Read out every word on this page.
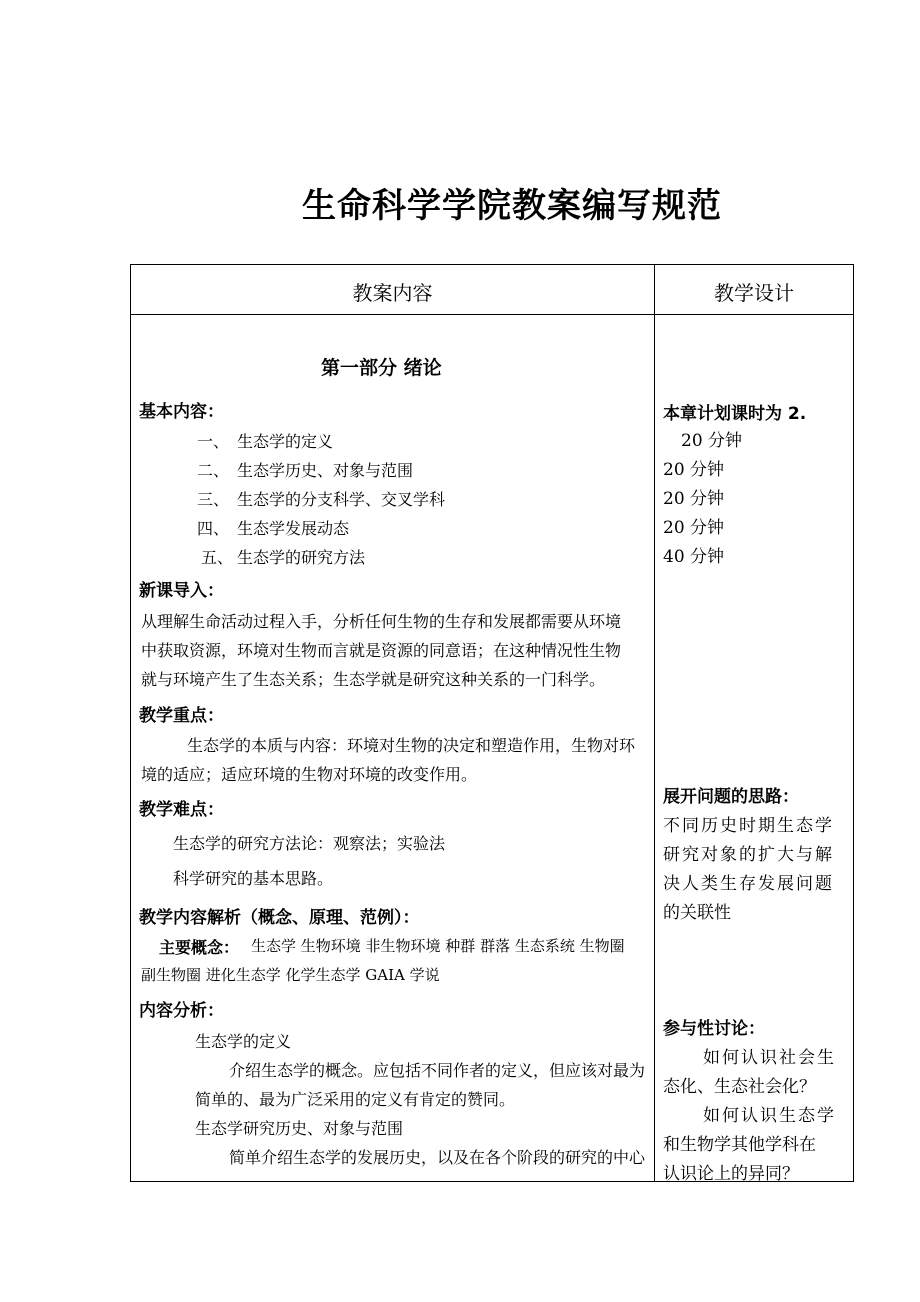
生命科学学院教案编写规范
教案内容	教学设计
第一部分 绪论
基本内容：
一、 生态学的定义
二、 生态学历史、对象与范围
三、 生态学的分支科学、交叉学科
四、 生态学发展动态
五、 生态学的研究方法
新课导入：
从理解生命活动过程入手，分析任何生物的生存和发展都需要从环境
中获取资源，环境对生物而言就是资源的同意语；在这种情况性生物
就与环境产生了生态关系；生态学就是研究这种关系的一门科学。
教学重点：
生态学的本质与内容：环境对生物的决定和塑造作用，生物对环
境的适应；适应环境的生物对环境的改变作用。
教学难点：
生态学的研究方法论：观察法；实验法
科学研究的基本思路。
教学内容解析（概念、原理、范例）：
主要概念： 生态学 生物环境 非生物环境 种群 群落 生态系统 生物圈
副生物圈 进化生态学 化学生态学 GAIA 学说
内容分析：
生态学的定义
介绍生态学的概念。应包括不同作者的定义，但应该对最为
简单的、最为广泛采用的定义有肯定的赞同。
生态学研究历史、对象与范围
简单介绍生态学的发展历史，以及在各个阶段的研究的中心
本章计划课时为 2.
20 分钟
20 分钟
20 分钟
20 分钟
40 分钟
展开问题的思路：
不同历史时期生态学
研究对象的扩大与解
决人类生存发展问题
的关联性
参与性讨论：
如何认识社会生
态化、生态社会化？
如何认识生态学
和生物学其他学科在
认识论上的异同？
